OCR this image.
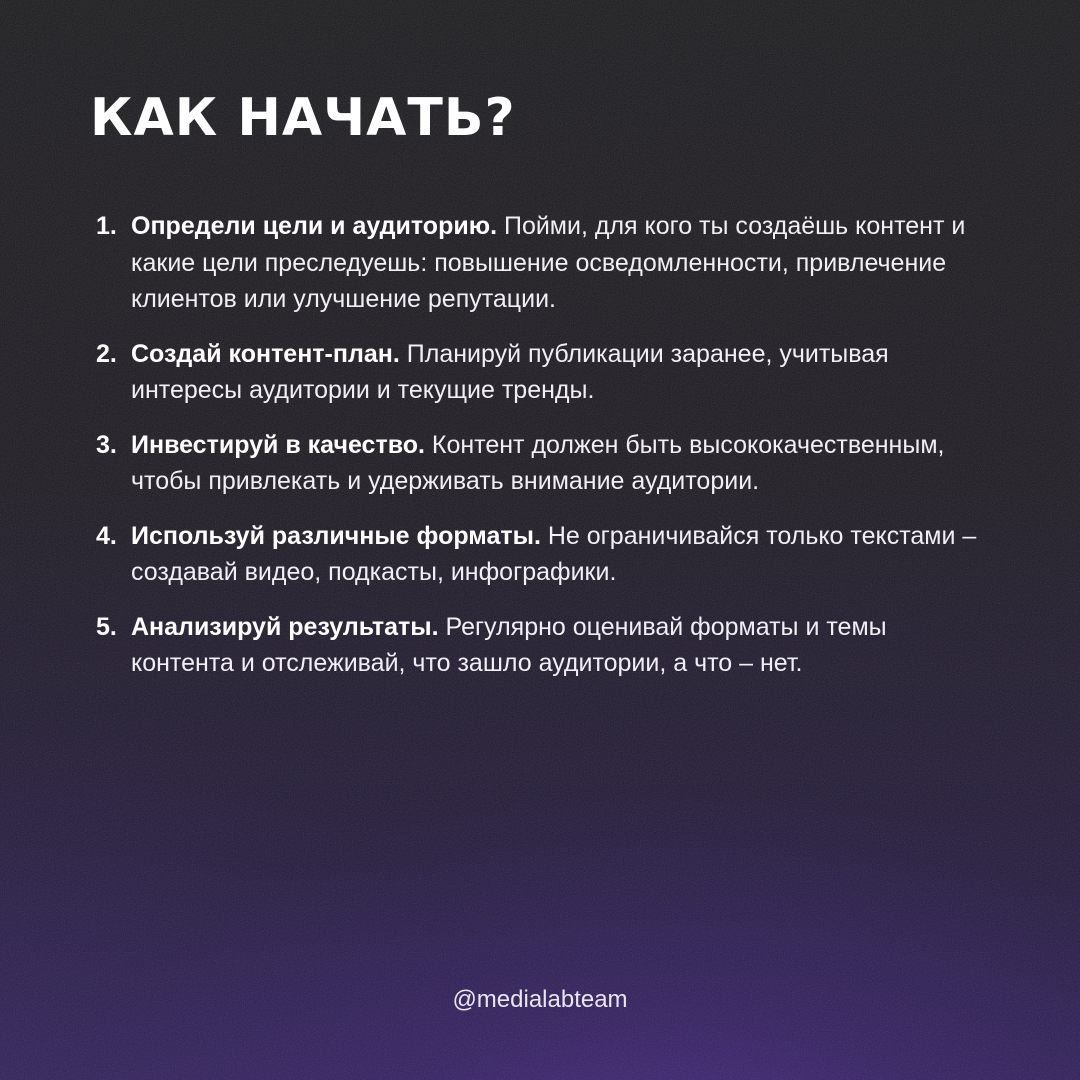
КАК НАЧАТЬ?
1. Определи цели и аудиторию. Пойми, для кого ты создаёшь контент и какие цели преследуешь: повышение осведомленности, привлечение клиентов или улучшение репутации.
2. Создай контент-план. Планируй публикации заранее, учитывая интересы аудитории и текущие тренды.
3. Инвестируй в качество. Контент должен быть высококачественным, чтобы привлекать и удерживать внимание аудитории.
4. Используй различные форматы. Не ограничивайся только текстами – создавай видео, подкасты, инфографики.
5. Анализируй результаты. Регулярно оценивай форматы и темы контента и отслеживай, что зашло аудитории, а что – нет.
@medialabteam
